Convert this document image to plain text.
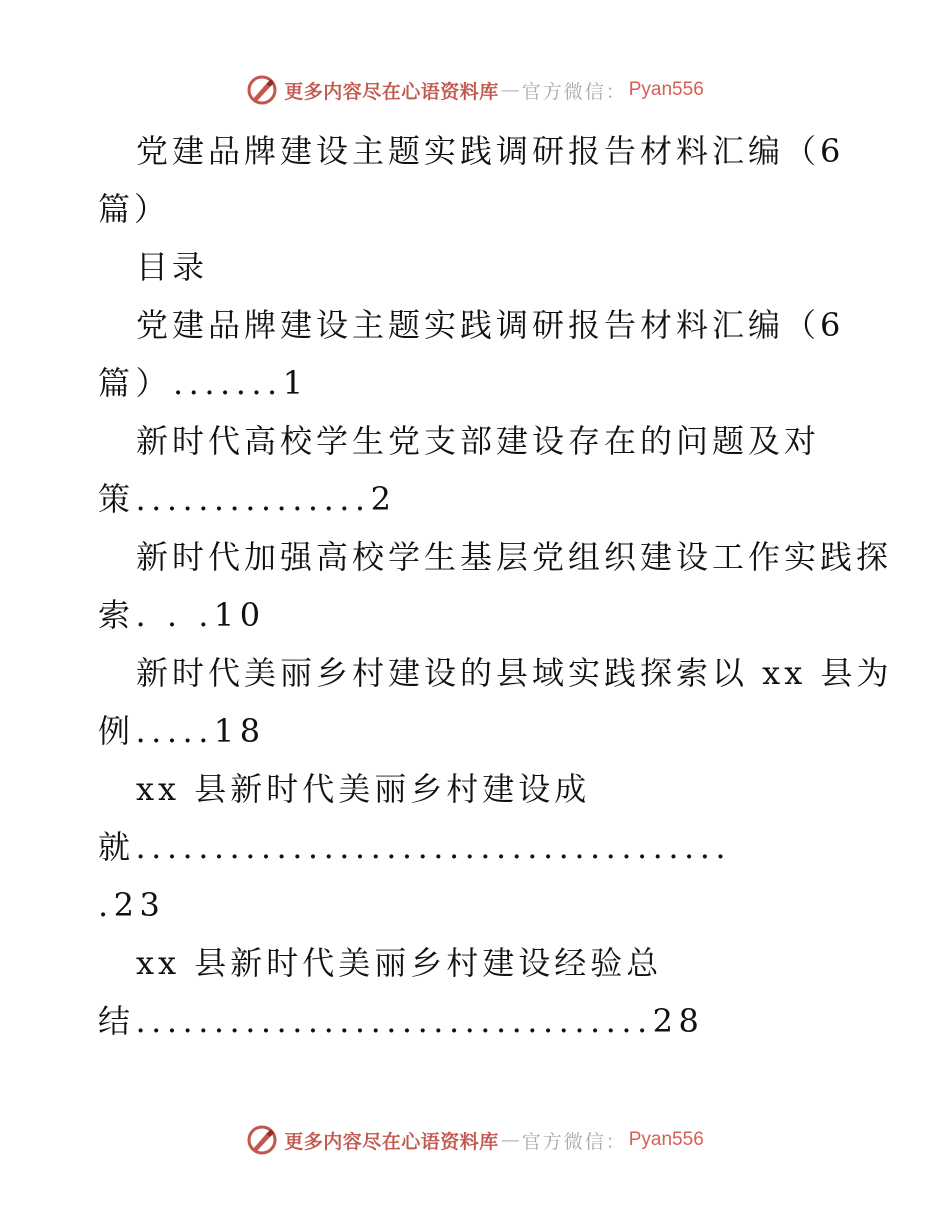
更多内容尽在心语资料库 — 官方微信： Pyan556
党建品牌建设主题实践调研报告材料汇编（6
篇）
目录
党建品牌建设主题实践调研报告材料汇编（6
篇）.......1
新时代高校学生党支部建设存在的问题及对
策...............2
新时代加强高校学生基层党组织建设工作实践探
索. . .10
新时代美丽乡村建设的县域实践探索以 xx 县为
例.....18
xx 县新时代美丽乡村建设成
就......................................
.23
xx 县新时代美丽乡村建设经验总
结.................................28
更多内容尽在心语资料库 — 官方微信： Pyan556
